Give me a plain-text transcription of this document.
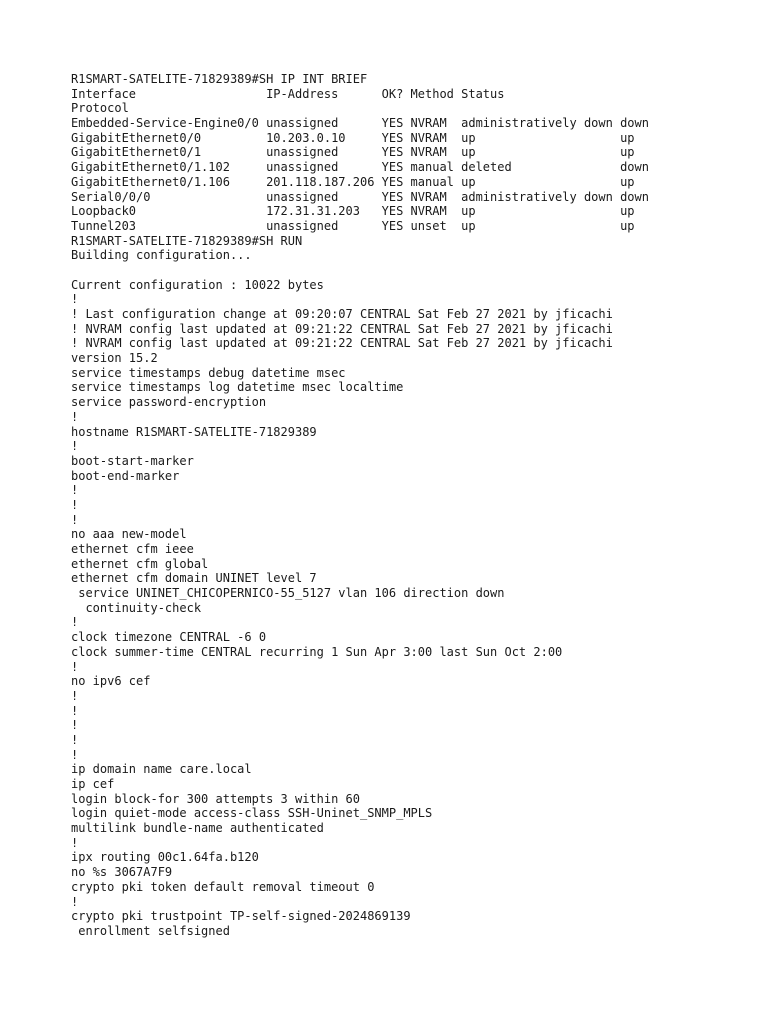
R1SMART-SATELITE-71829389#SH IP INT BRIEF
Interface                  IP-Address      OK? Method Status
Protocol
Embedded-Service-Engine0/0 unassigned      YES NVRAM  administratively down down
GigabitEthernet0/0         10.203.0.10     YES NVRAM  up                    up
GigabitEthernet0/1         unassigned      YES NVRAM  up                    up
GigabitEthernet0/1.102     unassigned      YES manual deleted               down
GigabitEthernet0/1.106     201.118.187.206 YES manual up                    up
Serial0/0/0                unassigned      YES NVRAM  administratively down down
Loopback0                  172.31.31.203   YES NVRAM  up                    up
Tunnel203                  unassigned      YES unset  up                    up
R1SMART-SATELITE-71829389#SH RUN
Building configuration...
Current configuration : 10022 bytes
!
! Last configuration change at 09:20:07 CENTRAL Sat Feb 27 2021 by jficachi
! NVRAM config last updated at 09:21:22 CENTRAL Sat Feb 27 2021 by jficachi
! NVRAM config last updated at 09:21:22 CENTRAL Sat Feb 27 2021 by jficachi
version 15.2
service timestamps debug datetime msec
service timestamps log datetime msec localtime
service password-encryption
!
hostname R1SMART-SATELITE-71829389
!
boot-start-marker
boot-end-marker
!
!
!
no aaa new-model
ethernet cfm ieee
ethernet cfm global
ethernet cfm domain UNINET level 7
service UNINET_CHICOPERNICO-55_5127 vlan 106 direction down
continuity-check
!
clock timezone CENTRAL -6 0
clock summer-time CENTRAL recurring 1 Sun Apr 3:00 last Sun Oct 2:00
!
no ipv6 cef
!
!
!
!
!
ip domain name care.local
ip cef
login block-for 300 attempts 3 within 60
login quiet-mode access-class SSH-Uninet_SNMP_MPLS
multilink bundle-name authenticated
!
ipx routing 00c1.64fa.b120
no %s 3067A7F9
crypto pki token default removal timeout 0
!
crypto pki trustpoint TP-self-signed-2024869139
enrollment selfsigned
